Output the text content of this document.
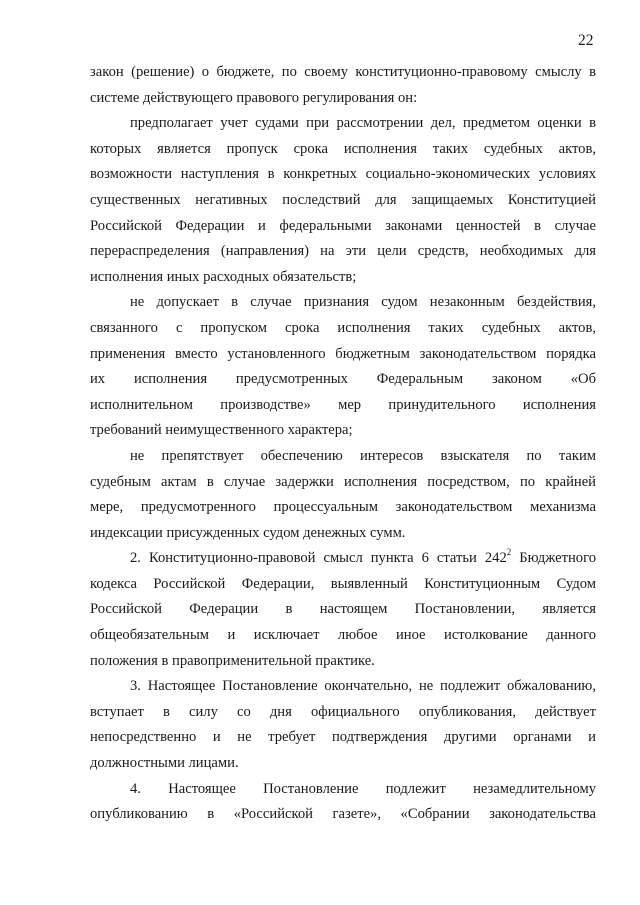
22
закон (решение) о бюджете, по своему конституционно-правовому смыслу в
системе действующего правового регулирования он:
предполагает учет судами при рассмотрении дел, предметом оценки в
которых является пропуск срока исполнения таких судебных актов,
возможности наступления в конкретных социально-экономических условиях
существенных негативных последствий для защищаемых Конституцией
Российской Федерации и федеральными законами ценностей в случае
перераспределения (направления) на эти цели средств, необходимых для
исполнения иных расходных обязательств;
не допускает в случае признания судом незаконным бездействия,
связанного с пропуском срока исполнения таких судебных актов,
применения вместо установленного бюджетным законодательством порядка
их исполнения предусмотренных Федеральным законом «Об
исполнительном производстве» мер принудительного исполнения
требований неимущественного характера;
не препятствует обеспечению интересов взыскателя по таким
судебным актам в случае задержки исполнения посредством, по крайней
мере, предусмотренного процессуальным законодательством механизма
индексации присужденных судом денежных сумм.
2. Конституционно-правовой смысл пункта 6 статьи $242^2$ Бюджетного
кодекса Российской Федерации, выявленный Конституционным Судом
Российской Федерации в настоящем Постановлении, является
общеобязательным и исключает любое иное истолкование данного
положения в правоприменительной практике.
3. Настоящее Постановление окончательно, не подлежит обжалованию,
вступает в силу со дня официального опубликования, действует
непосредственно и не требует подтверждения другими органами и
должностными лицами.
4. Настоящее Постановление подлежит незамедлительному
опубликованию в «Российской газете», «Собрании законодательства
